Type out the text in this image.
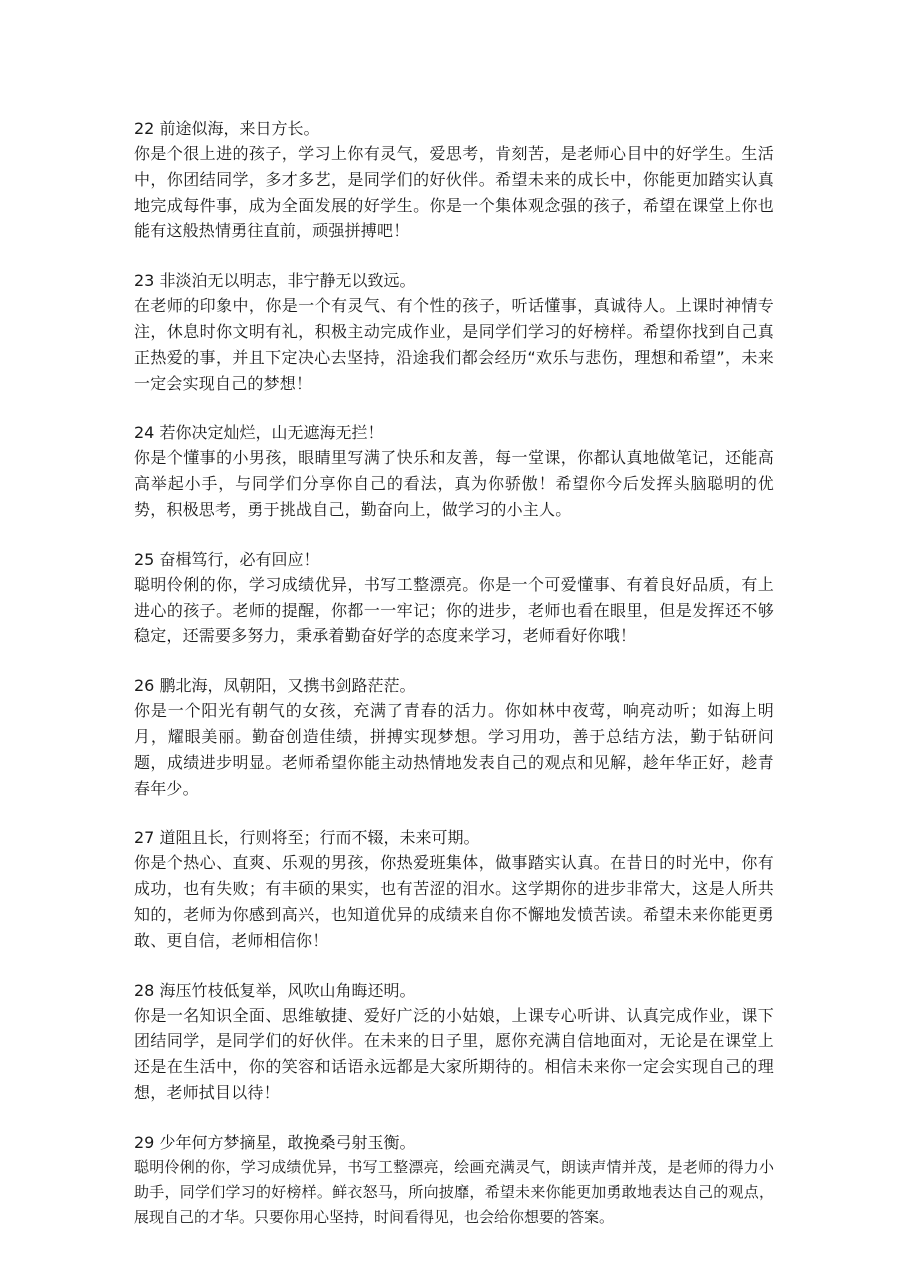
22 前途似海，来日方长。

你是个很上进的孩子，学习上你有灵气，爱思考，肯刻苦，是老师心目中的好学生。生活中，你团结同学，多才多艺，是同学们的好伙伴。希望未来的成长中，你能更加踏实认真地完成每件事，成为全面发展的好学生。你是一个集体观念强的孩子，希望在课堂上你也能有这般热情勇往直前，顽强拼搏吧！

23 非淡泊无以明志，非宁静无以致远。

在老师的印象中，你是一个有灵气、有个性的孩子，听话懂事，真诚待人。上课时神情专注，休息时你文明有礼，积极主动完成作业，是同学们学习的好榜样。希望你找到自己真正热爱的事，并且下定决心去坚持，沿途我们都会经历“欢乐与悲伤，理想和希望”，未来一定会实现自己的梦想！

24 若你决定灿烂，山无遮海无拦！

你是个懂事的小男孩，眼睛里写满了快乐和友善，每一堂课，你都认真地做笔记，还能高高举起小手，与同学们分享你自己的看法，真为你骄傲！希望你今后发挥头脑聪明的优势，积极思考，勇于挑战自己，勤奋向上，做学习的小主人。

25 奋楫笃行，必有回应！

聪明伶俐的你，学习成绩优异，书写工整漂亮。你是一个可爱懂事、有着良好品质，有上进心的孩子。老师的提醒，你都一一牢记；你的进步，老师也看在眼里，但是发挥还不够稳定，还需要多努力，秉承着勤奋好学的态度来学习，老师看好你哦！

26 鹏北海，凤朝阳，又携书剑路茫茫。

你是一个阳光有朝气的女孩，充满了青春的活力。你如林中夜莺，响亮动听；如海上明月，耀眼美丽。勤奋创造佳绩，拼搏实现梦想。学习用功，善于总结方法，勤于钻研问题，成绩进步明显。老师希望你能主动热情地发表自己的观点和见解，趁年华正好，趁青春年少。

27 道阻且长，行则将至；行而不辍，未来可期。

你是个热心、直爽、乐观的男孩，你热爱班集体，做事踏实认真。在昔日的时光中，你有成功，也有失败；有丰硕的果实，也有苦涩的泪水。这学期你的进步非常大，这是人所共知的，老师为你感到高兴，也知道优异的成绩来自你不懈地发愤苦读。希望未来你能更勇敢、更自信，老师相信你！

28 海压竹枝低复举，风吹山角晦还明。

你是一名知识全面、思维敏捷、爱好广泛的小姑娘，上课专心听讲、认真完成作业，课下团结同学，是同学们的好伙伴。在未来的日子里，愿你充满自信地面对，无论是在课堂上还是在生活中，你的笑容和话语永远都是大家所期待的。相信未来你一定会实现自己的理想，老师拭目以待！

29 少年何方梦摘星，敢挽桑弓射玉衡。

聪明伶俐的你，学习成绩优异，书写工整漂亮，绘画充满灵气，朗读声情并茂，是老师的得力小助手，同学们学习的好榜样。鲜衣怒马，所向披靡，希望未来你能更加勇敢地表达自己的观点，展现自己的才华。只要你用心坚持，时间看得见，也会给你想要的答案。
